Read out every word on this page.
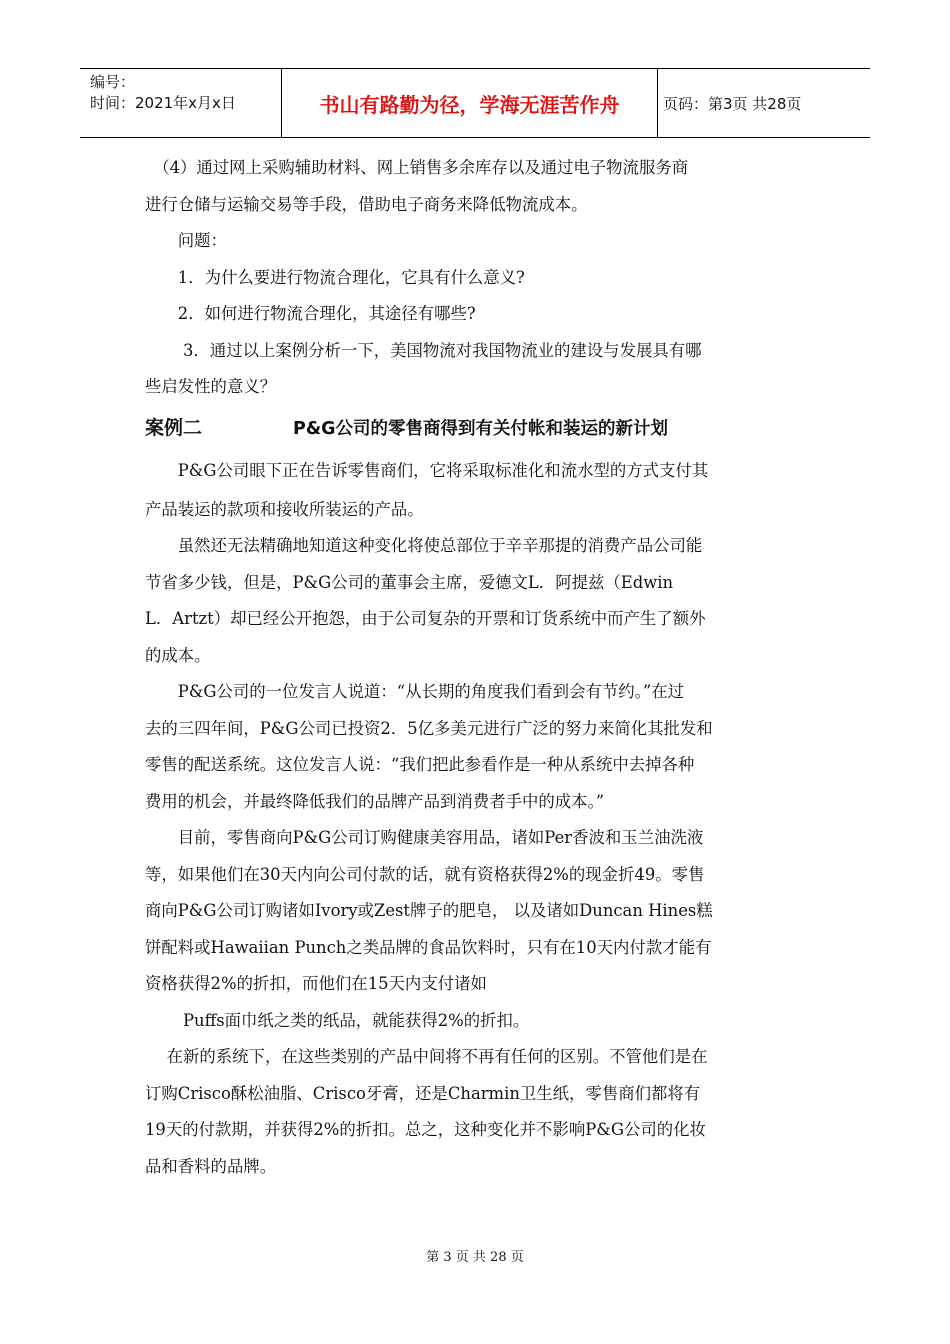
编号：
时间：2021年x月x日	书山有路勤为径，学海无涯苦作舟	页码：第3页 共28页
　（4）通过网上采购辅助材料、网上销售多余库存以及通过电子物流服务商
进行仓储与运输交易等手段，借助电子商务来降低物流成本。
　　问题：
　　1．为什么要进行物流合理化，它具有什么意义?
　　2．如何进行物流合理化，其途径有哪些?
　　 3．通过以上案例分析一下，美国物流对我国物流业的建设与发展具有哪
些启发性的意义？
案例二	P&G公司的零售商得到有关付帐和装运的新计划
　　P&G公司眼下正在告诉零售商们，它将采取标准化和流水型的方式支付其
产品装运的款项和接收所装运的产品。
　　虽然还无法精确地知道这种变化将使总部位于辛辛那提的消费产品公司能
节省多少钱，但是，P&G公司的董事会主席，爱德文L．阿提兹（Edwin
L．Artzt）却已经公开抱怨，由于公司复杂的开票和订货系统中而产生了额外
的成本。
　　P&G公司的一位发言人说道：“从长期的角度我们看到会有节约。”在过
去的三四年间，P&G公司已投资2．5亿多美元进行广泛的努力来简化其批发和
零售的配送系统。这位发言人说：“我们把此参看作是一种从系统中去掉各种
费用的机会，并最终降低我们的品牌产品到消费者手中的成本。”
　　目前，零售商向P&G公司订购健康美容用品，诸如Per香波和玉兰油洗液
等，如果他们在30天内向公司付款的话，就有资格获得2%的现金折49。零售
商向P&G公司订购诸如Ivory或Zest牌子的肥皂， 以及诸如Duncan Hines糕
饼配料或Hawaiian Punch之类品牌的食品饮料时，只有在10天内付款才能有
资格获得2%的折扣，而他们在15天内支付诸如
　　 Puffs面巾纸之类的纸品，就能获得2%的折扣。
　 在新的系统下，在这些类别的产品中间将不再有任何的区别。不管他们是在
订购Crisco酥松油脂、Crisco牙膏，还是Charmin卫生纸，零售商们都将有
19天的付款期，并获得2%的折扣。总之，这种变化并不影响P&G公司的化妆
品和香料的品牌。
第 3 页 共 28 页
